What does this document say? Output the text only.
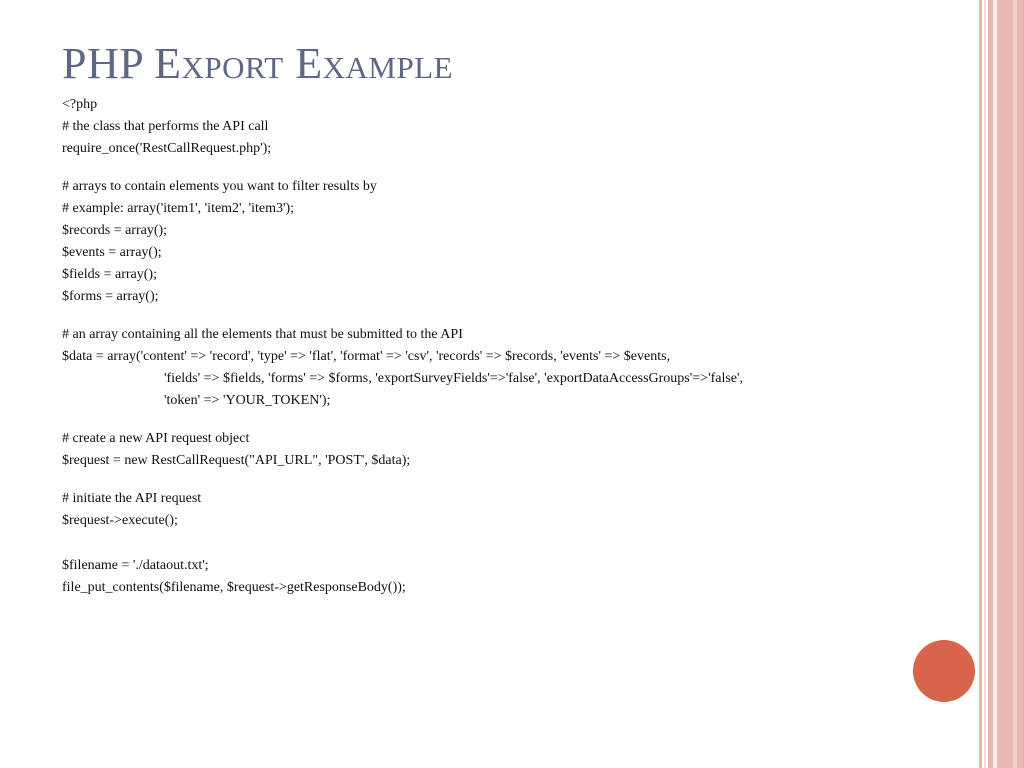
PHP Export Example
<?php
# the class that performs the API call
require_once('RestCallRequest.php');
# arrays to contain elements you want to filter results by
# example: array('item1', 'item2', 'item3');
$records = array();
$events = array();
$fields = array();
$forms = array();
# an array containing all the elements that must be submitted to the API
$data = array('content' => 'record', 'type' => 'flat', 'format' => 'csv', 'records' => $records, 'events' => $events,
'fields' => $fields, 'forms' => $forms, 'exportSurveyFields'=>'false', 'exportDataAccessGroups'=>'false',
'token' => 'YOUR_TOKEN');
# create a new API request object
$request = new RestCallRequest("API_URL", 'POST', $data);
# initiate the API request
$request->execute();
$filename = './dataout.txt';
file_put_contents($filename, $request->getResponseBody());
